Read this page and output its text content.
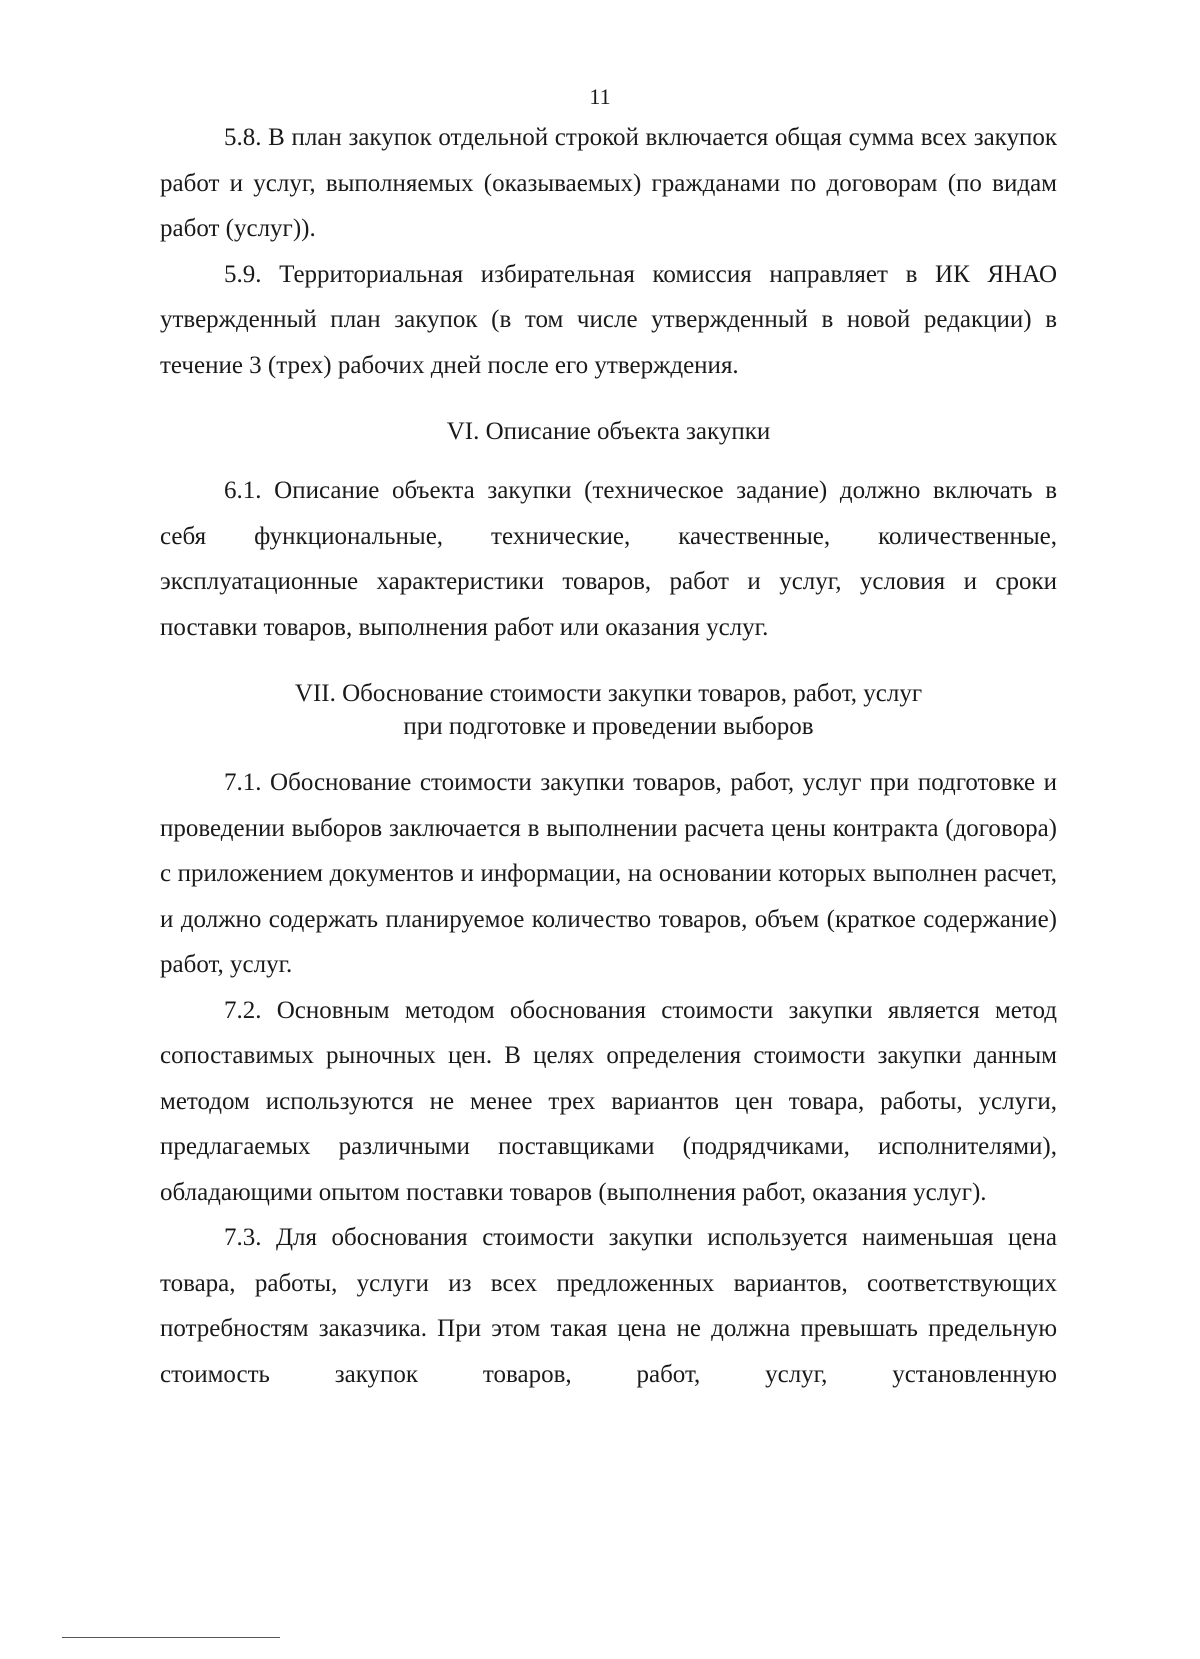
11

5.8. В план закупок отдельной строкой включается общая сумма всех закупок работ и услуг, выполняемых (оказываемых) гражданами по договорам (по видам работ (услуг)).

5.9. Территориальная избирательная комиссия направляет в ИК ЯНАО утвержденный план закупок (в том числе утвержденный в новой редакции) в течение 3 (трех) рабочих дней после его утверждения.

VI. Описание объекта закупки

6.1. Описание объекта закупки (техническое задание) должно включать в себя функциональные, технические, качественные, количественные, эксплуатационные характеристики товаров, работ и услуг, условия и сроки поставки товаров, выполнения работ или оказания услуг.

VII. Обоснование стоимости закупки товаров, работ, услуг
при подготовке и проведении выборов

7.1. Обоснование стоимости закупки товаров, работ, услуг при подготовке и проведении выборов заключается в выполнении расчета цены контракта (договора) с приложением документов и информации, на основании которых выполнен расчет, и должно содержать планируемое количество товаров, объем (краткое содержание) работ, услуг.

7.2. Основным методом обоснования стоимости закупки является метод сопоставимых рыночных цен. В целях определения стоимости закупки данным методом используются не менее трех вариантов цен товара, работы, услуги, предлагаемых различными поставщиками (подрядчиками, исполнителями), обладающими опытом поставки товаров (выполнения работ, оказания услуг).

7.3. Для обоснования стоимости закупки используется наименьшая цена товара, работы, услуги из всех предложенных вариантов, соответствующих потребностям заказчика. При этом такая цена не должна превышать предельную стоимость закупок товаров, работ, услуг, установленную
